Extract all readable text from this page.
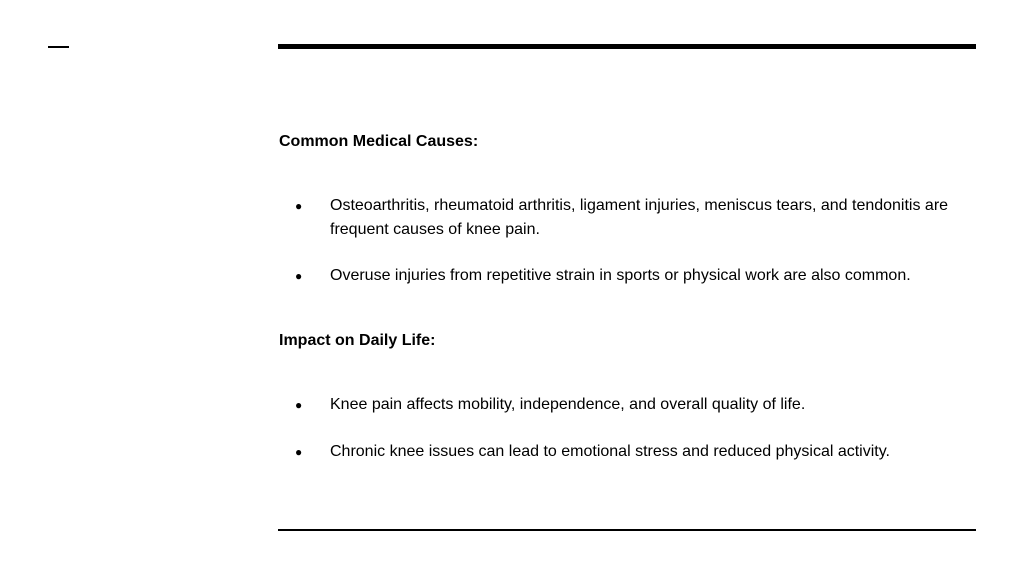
Common Medical Causes:
● Osteoarthritis, rheumatoid arthritis, ligament injuries, meniscus tears, and tendonitis are frequent causes of knee pain.
● Overuse injuries from repetitive strain in sports or physical work are also common.
Impact on Daily Life:
● Knee pain affects mobility, independence, and overall quality of life.
● Chronic knee issues can lead to emotional stress and reduced physical activity.
